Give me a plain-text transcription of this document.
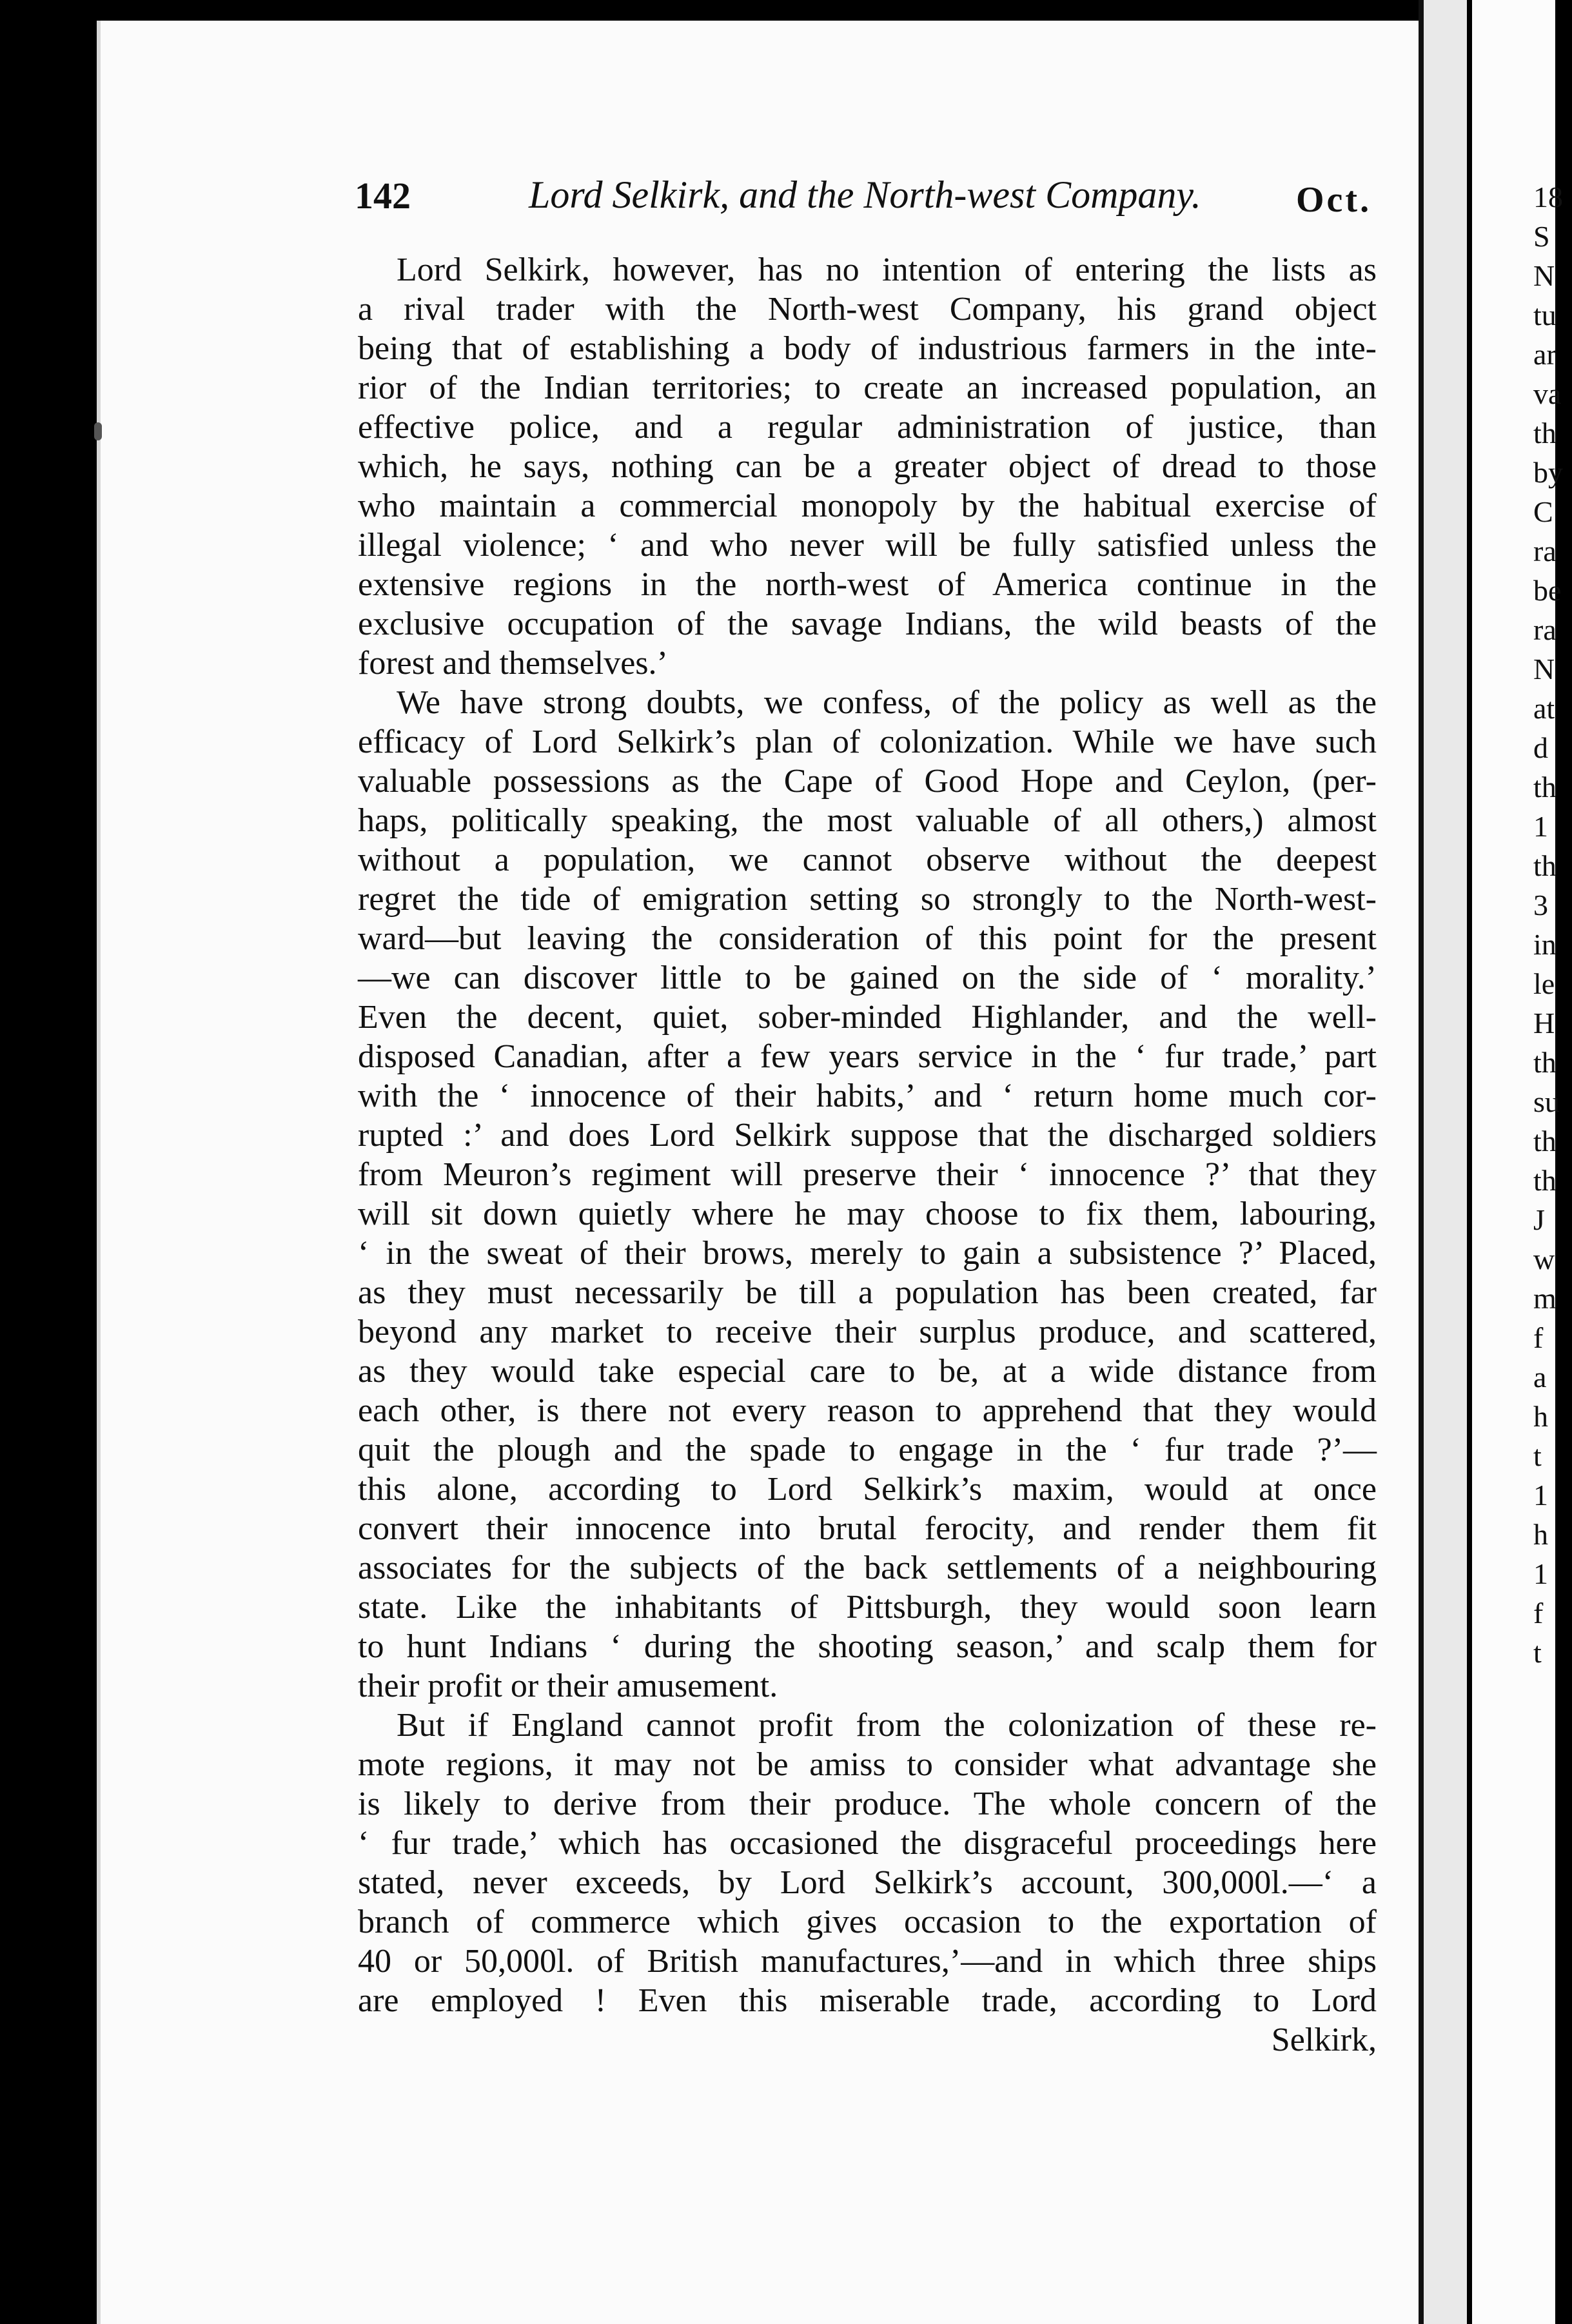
142	Lord Selkirk, and the North-west Company.	Oct.
Lord Selkirk, however, has no intention of entering the lists as
a rival trader with the North-west Company, his grand object
being that of establishing a body of industrious farmers in the inte-
rior of the Indian territories; to create an increased population, an
effective police, and a regular administration of justice, than
which, he says, nothing can be a greater object of dread to those
who maintain a commercial monopoly by the habitual exercise of
illegal violence; ‘ and who never will be fully satisfied unless the
extensive regions in the north-west of America continue in the
exclusive occupation of the savage Indians, the wild beasts of the
forest and themselves.’
We have strong doubts, we confess, of the policy as well as the
efficacy of Lord Selkirk’s plan of colonization. While we have such
valuable possessions as the Cape of Good Hope and Ceylon, (per-
haps, politically speaking, the most valuable of all others,) almost
without a population, we cannot observe without the deepest
regret the tide of emigration setting so strongly to the North-west-
ward—but leaving the consideration of this point for the present
—we can discover little to be gained on the side of ‘ morality.’
Even the decent, quiet, sober-minded Highlander, and the well-
disposed Canadian, after a few years service in the ‘ fur trade,’ part
with the ‘ innocence of their habits,’ and ‘ return home much cor-
rupted :’ and does Lord Selkirk suppose that the discharged soldiers
from Meuron’s regiment will preserve their ‘ innocence ?’ that they
will sit down quietly where he may choose to fix them, labouring,
‘ in the sweat of their brows, merely to gain a subsistence ?’ Placed,
as they must necessarily be till a population has been created, far
beyond any market to receive their surplus produce, and scattered,
as they would take especial care to be, at a wide distance from
each other, is there not every reason to apprehend that they would
quit the plough and the spade to engage in the ‘ fur trade ?’—
this alone, according to Lord Selkirk’s maxim, would at once
convert their innocence into brutal ferocity, and render them fit
associates for the subjects of the back settlements of a neighbouring
state. Like the inhabitants of Pittsburgh, they would soon learn
to hunt Indians ‘ during the shooting season,’ and scalp them for
their profit or their amusement.
But if England cannot profit from the colonization of these re-
mote regions, it may not be amiss to consider what advantage she
is likely to derive from their produce. The whole concern of the
‘ fur trade,’ which has occasioned the disgraceful proceedings here
stated, never exceeds, by Lord Selkirk’s account, 300,000l.—‘ a
branch of commerce which gives occasion to the exportation of
40 or 50,000l. of British manufactures,’—and in which three ships
are employed ! Even this miserable trade, according to Lord
Selkirk,
18
S
N
tu
ar
va
th
by
C
ra
be
ra
N
at
d
th
1
th
3
in
le
H
th
su
th
th
J
w
m
f
a
h
t
1
h
1
f
t
